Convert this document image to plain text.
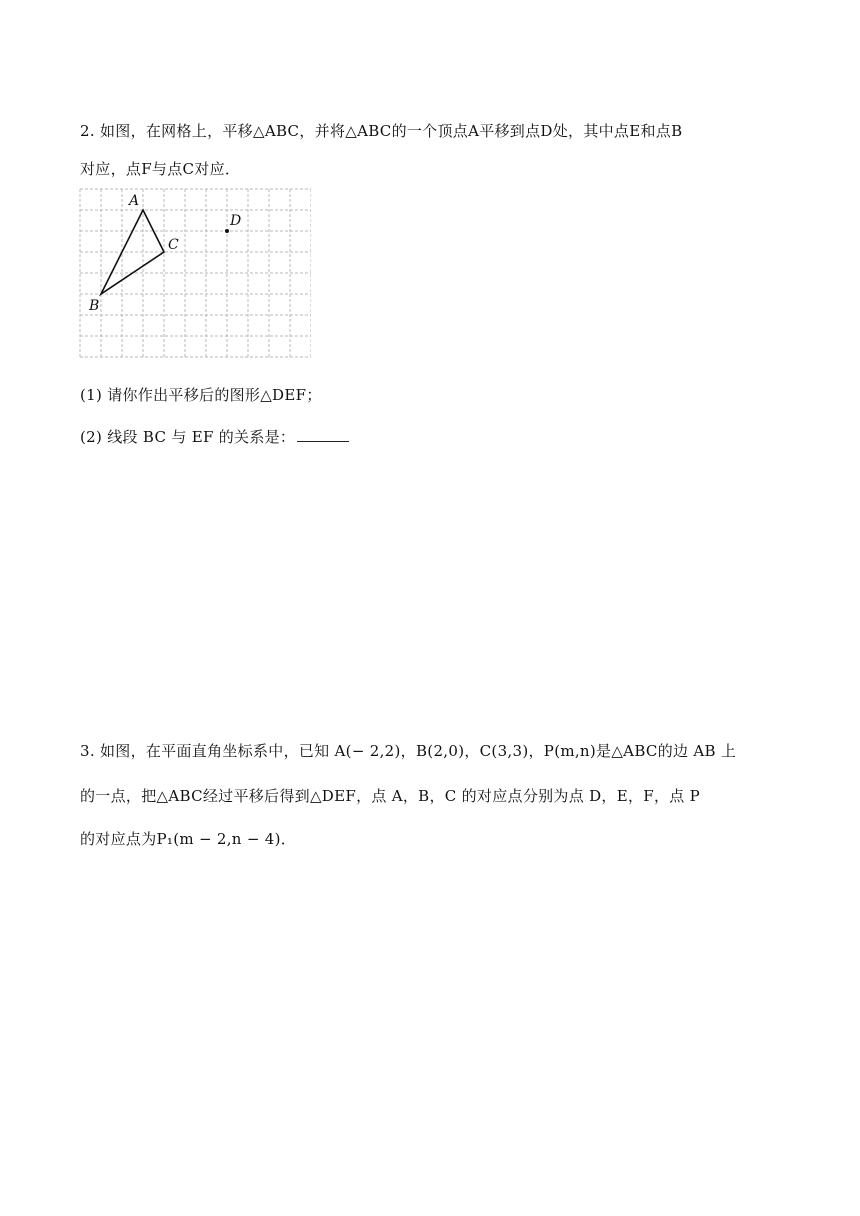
2. 如图，在网格上，平移△ABC，并将△ABC的一个顶点A平移到点D处，其中点E和点B
对应，点F与点C对应．
A
B
C
D
(1) 请你作出平移后的图形△DEF；
(2) 线段 BC 与 EF 的关系是：
3. 如图，在平面直角坐标系中，已知 A(− 2,2)，B(2,0)，C(3,3)，P(m,n)是△ABC的边 AB 上
的一点，把△ABC经过平移后得到△DEF，点 A，B，C 的对应点分别为点 D，E，F，点 P
的对应点为P₁(m − 2,n − 4)．
